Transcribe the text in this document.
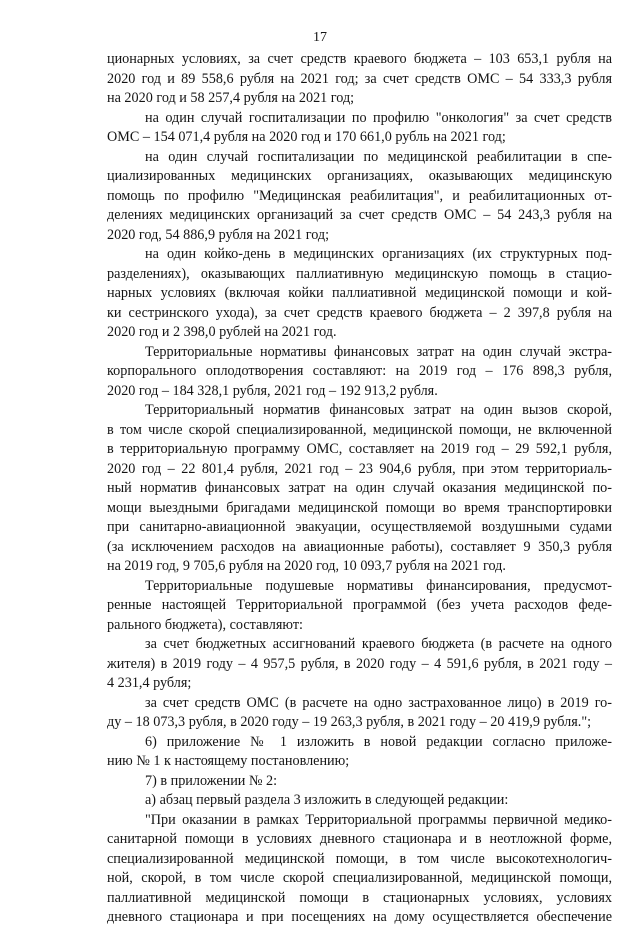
17

ционарных условиях, за счет средств краевого бюджета – 103 653,1 рубля на
2020 год и 89 558,6 рубля на 2021 год; за счет средств ОМС – 54 333,3 рубля
на 2020 год и 58 257,4 рубля на 2021 год;

на один случай госпитализации по профилю "онкология" за счет средств
ОМС – 154 071,4 рубля на 2020 год и 170 661,0 рубль на 2021 год;

на один случай госпитализации по медицинской реабилитации в спе-
циализированных медицинских организациях, оказывающих медицинскую
помощь по профилю "Медицинская реабилитация", и реабилитационных от-
делениях медицинских организаций за счет средств ОМС – 54 243,3 рубля на
2020 год, 54 886,9 рубля на 2021 год;

на один койко-день в медицинских организациях (их структурных под-
разделениях), оказывающих паллиативную медицинскую помощь в стацио-
нарных условиях (включая койки паллиативной медицинской помощи и кой-
ки сестринского ухода), за счет средств краевого бюджета – 2 397,8 рубля на
2020 год и 2 398,0 рублей на 2021 год.

Территориальные нормативы финансовых затрат на один случай экстра-
корпорального оплодотворения составляют: на 2019 год – 176 898,3 рубля,
2020 год – 184 328,1 рубля, 2021 год – 192 913,2 рубля.

Территориальный норматив финансовых затрат на один вызов скорой,
в том числе скорой специализированной, медицинской помощи, не включенной
в территориальную программу ОМС, составляет на 2019 год – 29 592,1 рубля,
2020 год – 22 801,4 рубля, 2021 год – 23 904,6 рубля, при этом территориаль-
ный норматив финансовых затрат на один случай оказания медицинской по-
мощи выездными бригадами медицинской помощи во время транспортировки
при санитарно-авиационной эвакуации, осуществляемой воздушными судами
(за исключением расходов на авиационные работы), составляет 9 350,3 рубля
на 2019 год, 9 705,6 рубля на 2020 год, 10 093,7 рубля на 2021 год.

Территориальные подушевые нормативы финансирования, предусмот-
ренные настоящей Территориальной программой (без учета расходов феде-
рального бюджета), составляют:

за счет бюджетных ассигнований краевого бюджета (в расчете на одного
жителя) в 2019 году – 4 957,5 рубля, в 2020 году – 4 591,6 рубля, в 2021 году –
4 231,4 рубля;

за счет средств ОМС (в расчете на одно застрахованное лицо) в 2019 го-
ду – 18 073,3 рубля, в 2020 году – 19 263,3 рубля, в 2021 году – 20 419,9 рубля.";

6) приложение № 1 изложить в новой редакции согласно приложе-
нию № 1 к настоящему постановлению;

7) в приложении № 2:

а) абзац первый раздела 3 изложить в следующей редакции:

"При оказании в рамках Территориальной программы первичной медико-
санитарной помощи в условиях дневного стационара и в неотложной форме,
специализированной медицинской помощи, в том числе высокотехнологич-
ной, скорой, в том числе скорой специализированной, медицинской помощи,
паллиативной медицинской помощи в стационарных условиях, условиях
дневного стационара и при посещениях на дому осуществляется обеспечение
